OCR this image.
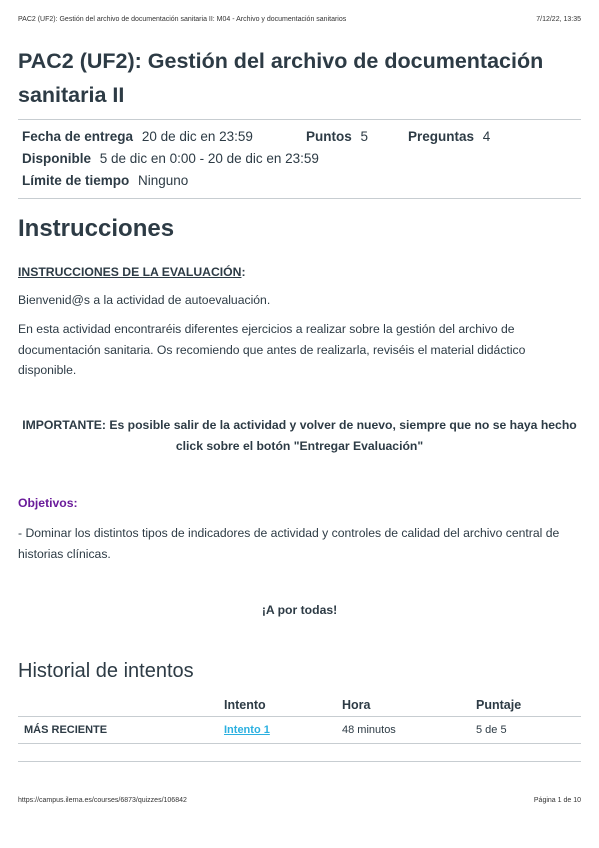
PAC2 (UF2): Gestión del archivo de documentación sanitaria II: M04 - Archivo y documentación sanitarios	7/12/22, 13:35
PAC2 (UF2): Gestión del archivo de documentación sanitaria II
Fecha de entrega 20 de dic en 23:59	Puntos 5	Preguntas 4
Disponible 5 de dic en 0:00 - 20 de dic en 23:59
Límite de tiempo Ninguno
Instrucciones

INSTRUCCIONES DE LA EVALUACIÓN:

Bienvenid@s a la actividad de autoevaluación.

En esta actividad encontraréis diferentes ejercicios a realizar sobre la gestión del archivo de documentación sanitaria. Os recomiendo que antes de realizarla, reviséis el material didáctico disponible.

IMPORTANTE: Es posible salir de la actividad y volver de nuevo, siempre que no se haya hecho click sobre el botón "Entregar Evaluación"

Objetivos:

- Dominar los distintos tipos de indicadores de actividad y controles de calidad del archivo central de historias clínicas.

¡A por todas!

Historial de intentos
	Intento	Hora	Puntaje
MÁS RECIENTE	Intento 1	48 minutos	5 de 5
https://campus.ilerna.es/courses/6873/quizzes/106842	Página 1 de 10
